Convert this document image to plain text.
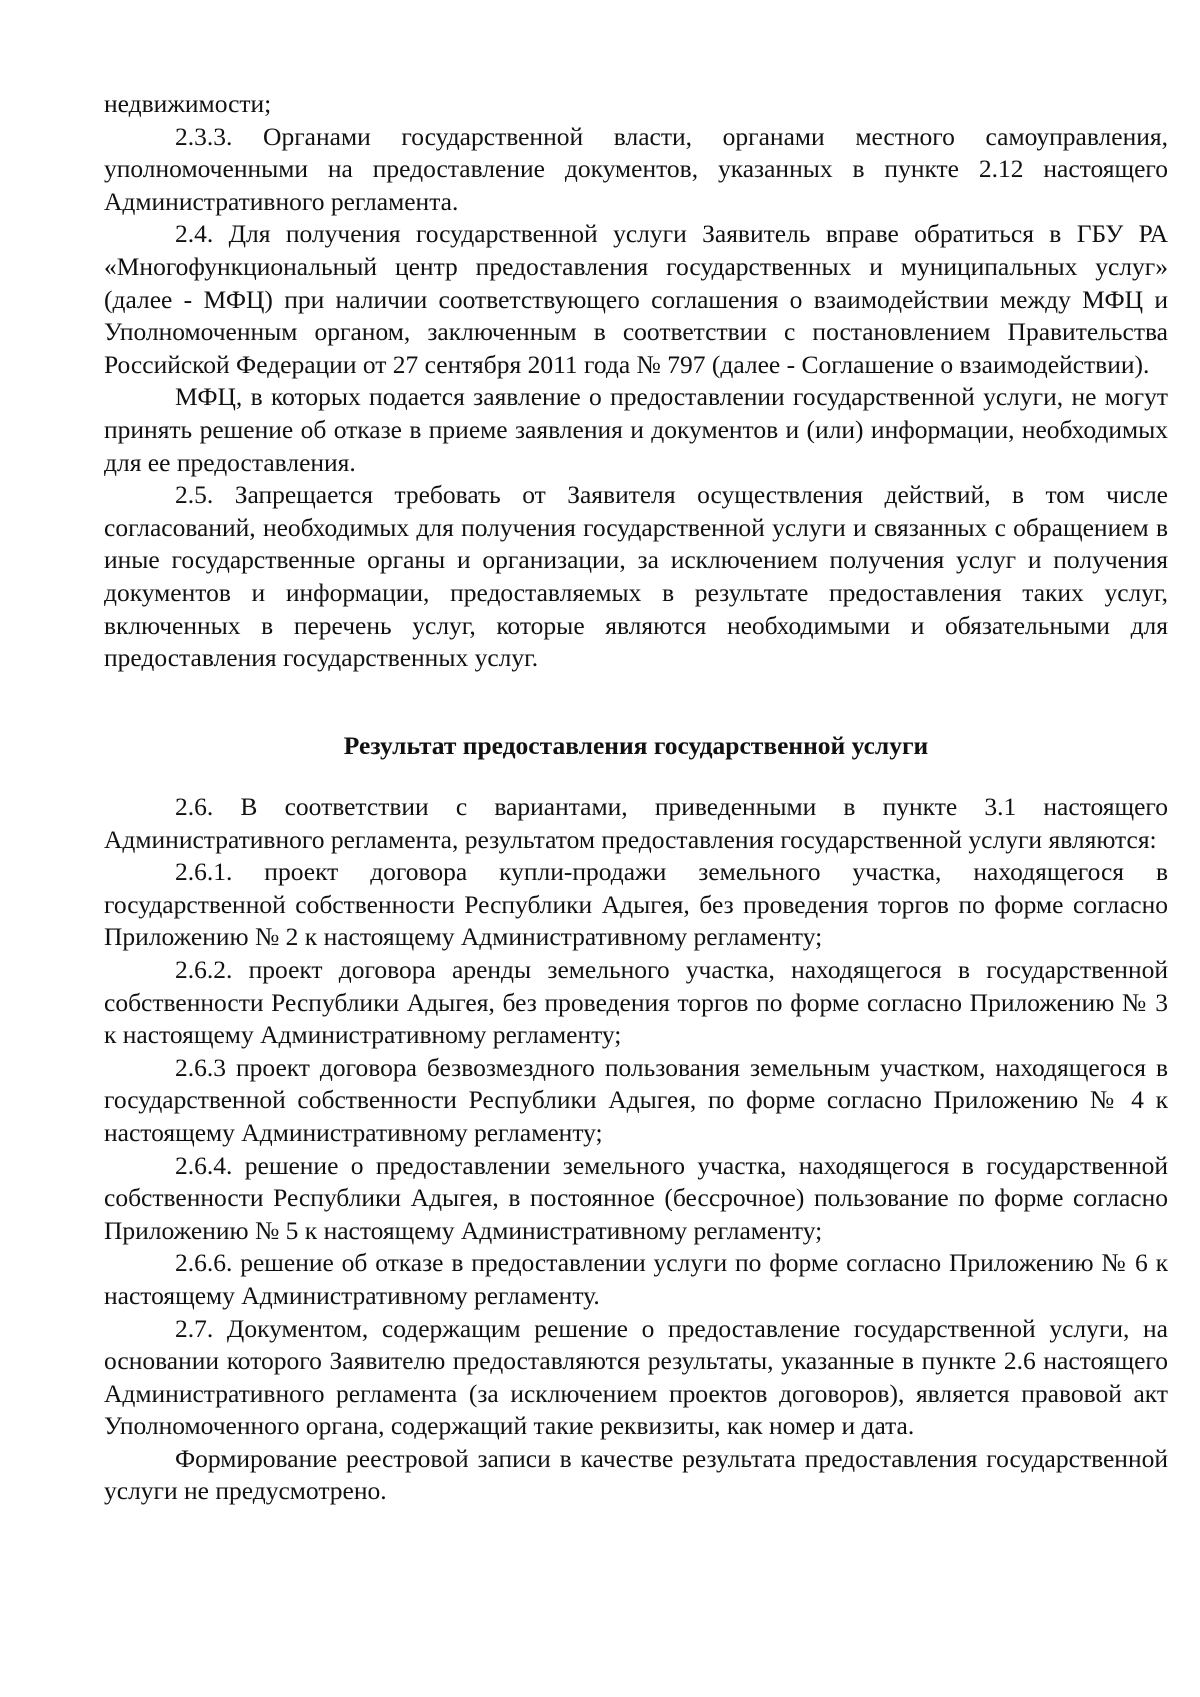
недвижимости;

2.3.3. Органами государственной власти, органами местного самоуправления, уполномоченными на предоставление документов, указанных в пункте 2.12 настоящего Административного регламента.

2.4. Для получения государственной услуги Заявитель вправе обратиться в ГБУ РА «Многофункциональный центр предоставления государственных и муниципальных услуг» (далее - МФЦ) при наличии соответствующего соглашения о взаимодействии между МФЦ и Уполномоченным органом, заключенным в соответствии с постановлением Правительства Российской Федерации от 27 сентября 2011 года № 797 (далее - Соглашение о взаимодействии).

МФЦ, в которых подается заявление о предоставлении государственной услуги, не могут принять решение об отказе в приеме заявления и документов и (или) информации, необходимых для ее предоставления.

2.5. Запрещается требовать от Заявителя осуществления действий, в том числе согласований, необходимых для получения государственной услуги и связанных с обращением в иные государственные органы и организации, за исключением получения услуг и получения документов и информации, предоставляемых в результате предоставления таких услуг, включенных в перечень услуг, которые являются необходимыми и обязательными для предоставления государственных услуг.

Результат предоставления государственной услуги

2.6. В соответствии с вариантами, приведенными в пункте 3.1 настоящего Административного регламента, результатом предоставления государственной услуги являются:

2.6.1. проект договора купли-продажи земельного участка, находящегося в государственной собственности Республики Адыгея, без проведения торгов по форме согласно Приложению № 2 к настоящему Административному регламенту;

2.6.2. проект договора аренды земельного участка, находящегося в государственной собственности Республики Адыгея, без проведения торгов по форме согласно Приложению № 3 к настоящему Административному регламенту;

2.6.3 проект договора безвозмездного пользования земельным участком, находящегося в государственной собственности Республики Адыгея, по форме согласно Приложению № 4 к настоящему Административному регламенту;

2.6.4. решение о предоставлении земельного участка, находящегося в государственной собственности Республики Адыгея, в постоянное (бессрочное) пользование по форме согласно Приложению № 5 к настоящему Административному регламенту;

2.6.6. решение об отказе в предоставлении услуги по форме согласно Приложению № 6 к настоящему Административному регламенту.

2.7. Документом, содержащим решение о предоставление государственной услуги, на основании которого Заявителю предоставляются результаты, указанные в пункте 2.6 настоящего Административного регламента (за исключением проектов договоров), является правовой акт Уполномоченного органа, содержащий такие реквизиты, как номер и дата.

Формирование реестровой записи в качестве результата предоставления государственной услуги не предусмотрено.
